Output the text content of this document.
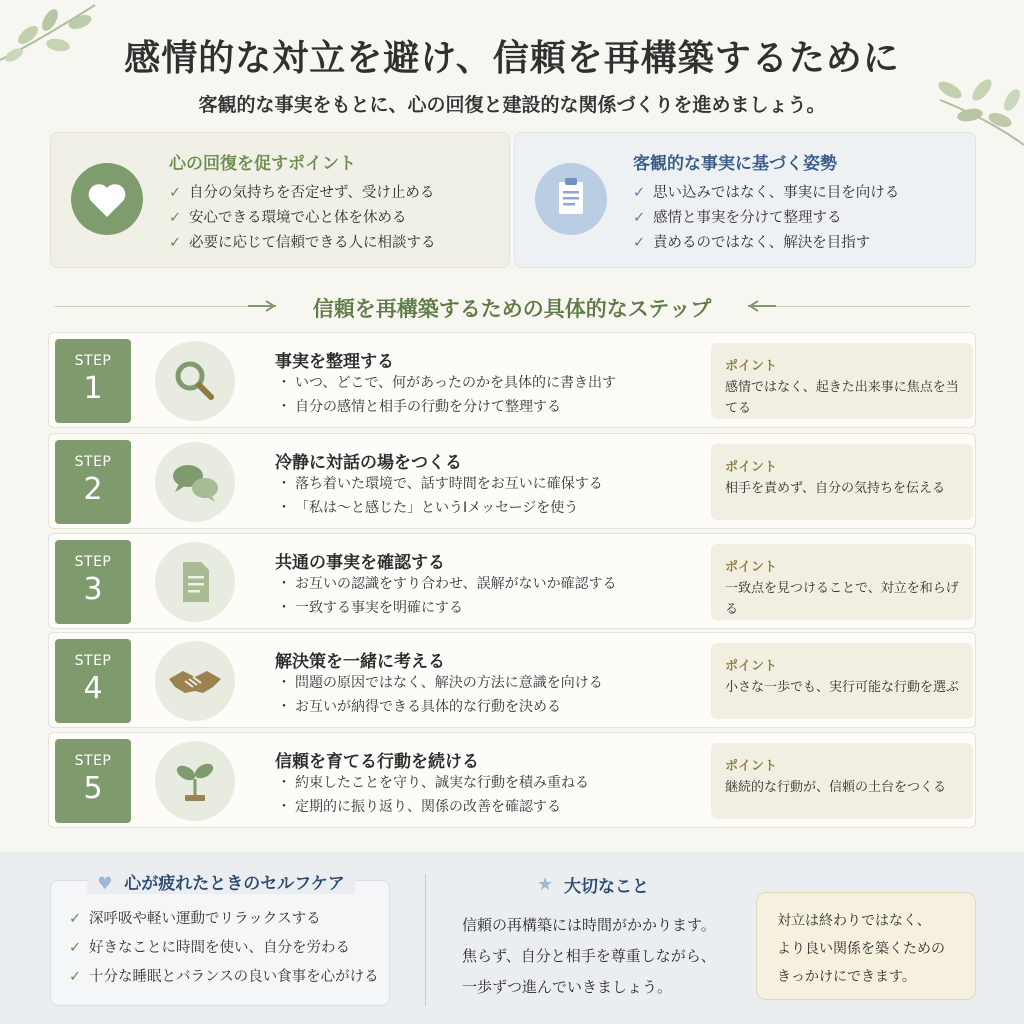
感情的な対立を避け、信頼を再構築するために
客観的な事実をもとに、心の回復と建設的な関係づくりを進めましょう。
心の回復を促すポイント
✓ 自分の気持ちを否定せず、受け止める
✓ 安心できる環境で心と体を休める
✓ 必要に応じて信頼できる人に相談する
客観的な事実に基づく姿勢
✓ 思い込みではなく、事実に目を向ける
✓ 感情と事実を分けて整理する
✓ 責めるのではなく、解決を目指す
信頼を再構築するための具体的なステップ
STEP
1
事実を整理する
・ いつ、どこで、何があったのかを具体的に書き出す
・ 自分の感情と相手の行動を分けて整理する
ポイント
感情ではなく、起きた出来事に焦点を当てる
STEP
2
冷静に対話の場をつくる
・ 落ち着いた環境で、話す時間をお互いに確保する
・ 「私は〜と感じた」というIメッセージを使う
ポイント
相手を責めず、自分の気持ちを伝える
STEP
3
共通の事実を確認する
・ お互いの認識をすり合わせ、誤解がないか確認する
・ 一致する事実を明確にする
ポイント
一致点を見つけることで、対立を和らげる
STEP
4
解決策を一緒に考える
・ 問題の原因ではなく、解決の方法に意識を向ける
・ お互いが納得できる具体的な行動を決める
ポイント
小さな一歩でも、実行可能な行動を選ぶ
STEP
5
信頼を育てる行動を続ける
・ 約束したことを守り、誠実な行動を積み重ねる
・ 定期的に振り返り、関係の改善を確認する
ポイント
継続的な行動が、信頼の土台をつくる
♥ 心が疲れたときのセルフケア
✓ 深呼吸や軽い運動でリラックスする
✓ 好きなことに時間を使い、自分を労わる
✓ 十分な睡眠とバランスの良い食事を心がける
★ 大切なこと
信頼の再構築には時間がかかります。
焦らず、自分と相手を尊重しながら、
一歩ずつ進んでいきましょう。
対立は終わりではなく、
より良い関係を築くための
きっかけにできます。
